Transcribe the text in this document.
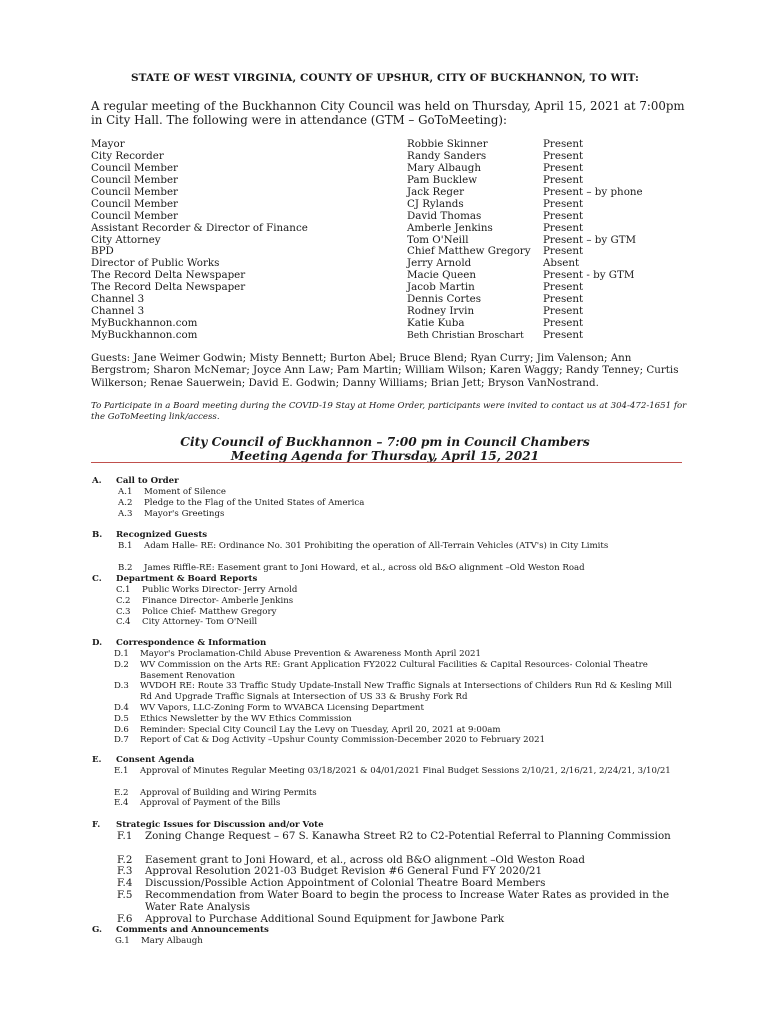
STATE OF WEST VIRGINIA, COUNTY OF UPSHUR, CITY OF BUCKHANNON, TO WIT:
A regular meeting of the Buckhannon City Council was held on Thursday, April 15, 2021 at 7:00pm in City Hall. The following were in attendance (GTM – GoToMeeting):
Mayor	Robbie Skinner	Present
City Recorder	Randy Sanders	Present
Council Member	Mary Albaugh	Present
Council Member	Pam Bucklew	Present
Council Member	Jack Reger	Present – by phone
Council Member	CJ Rylands	Present
Council Member	David Thomas	Present
Assistant Recorder & Director of Finance	Amberle Jenkins	Present
City Attorney	Tom O'Neill	Present – by GTM
BPD	Chief Matthew Gregory Present
Director of Public Works	Jerry Arnold	Absent
The Record Delta Newspaper	Macie Queen	Present - by GTM
The Record Delta Newspaper	Jacob Martin	Present
Channel 3	Dennis Cortes	Present
Channel 3	Rodney Irvin	Present
MyBuckhannon.com	Katie Kuba	Present
MyBuckhannon.com	Beth Christian Broschart Present
Guests: Jane Weimer Godwin; Misty Bennett; Burton Abel; Bruce Blend; Ryan Curry; Jim Valenson; Ann Bergstrom; Sharon McNemar; Joyce Ann Law; Pam Martin; William Wilson; Karen Waggy; Randy Tenney; Curtis Wilkerson; Renae Sauerwein; David E. Godwin; Danny Williams; Brian Jett; Bryson VanNostrand.
To Participate in a Board meeting during the COVID-19 Stay at Home Order, participants were invited to contact us at 304-472-1651 for the GoToMeeting link/access.
City Council of Buckhannon – 7:00 pm in Council Chambers
Meeting Agenda for Thursday, April 15, 2021
A. Call to Order
A.1 Moment of Silence
A.2 Pledge to the Flag of the United States of America
A.3 Mayor's Greetings
B. Recognized Guests
B.1 Adam Halle- RE: Ordinance No. 301 Prohibiting the operation of All-Terrain Vehicles (ATV's) in City Limits
B.2 James Riffle-RE: Easement grant to Joni Howard, et al., across old B&O alignment –Old Weston Road
C. Department & Board Reports
C.1 Public Works Director- Jerry Arnold
C.2 Finance Director- Amberle Jenkins
C.3 Police Chief- Matthew Gregory
C.4 City Attorney- Tom O'Neill
D. Correspondence & Information
D.1 Mayor's Proclamation-Child Abuse Prevention & Awareness Month April 2021
D.2 WV Commission on the Arts RE: Grant Application FY2022 Cultural Facilities & Capital Resources- Colonial Theatre Basement Renovation
D.3 WVDOH RE: Route 33 Traffic Study Update-Install New Traffic Signals at Intersections of Childers Run Rd & Kesling Mill Rd And Upgrade Traffic Signals at Intersection of US 33 & Brushy Fork Rd
D.4 WV Vapors, LLC-Zoning Form to WVABCA Licensing Department
D.5 Ethics Newsletter by the WV Ethics Commission
D.6 Reminder: Special City Council Lay the Levy on Tuesday, April 20, 2021 at 9:00am
D.7 Report of Cat & Dog Activity –Upshur County Commission-December 2020 to February 2021
E. Consent Agenda
E.1 Approval of Minutes Regular Meeting 03/18/2021 & 04/01/2021 Final Budget Sessions 2/10/21, 2/16/21, 2/24/21, 3/10/21
E.2 Approval of Building and Wiring Permits
E.4 Approval of Payment of the Bills
F. Strategic Issues for Discussion and/or Vote
F.1 Zoning Change Request – 67 S. Kanawha Street R2 to C2-Potential Referral to Planning Commission
F.2 Easement grant to Joni Howard, et al., across old B&O alignment –Old Weston Road
F.3 Approval Resolution 2021-03 Budget Revision #6 General Fund FY 2020/21
F.4 Discussion/Possible Action Appointment of Colonial Theatre Board Members
F.5 Recommendation from Water Board to begin the process to Increase Water Rates as provided in the Water Rate Analysis
F.6 Approval to Purchase Additional Sound Equipment for Jawbone Park
G. Comments and Announcements
G.1 Mary Albaugh
